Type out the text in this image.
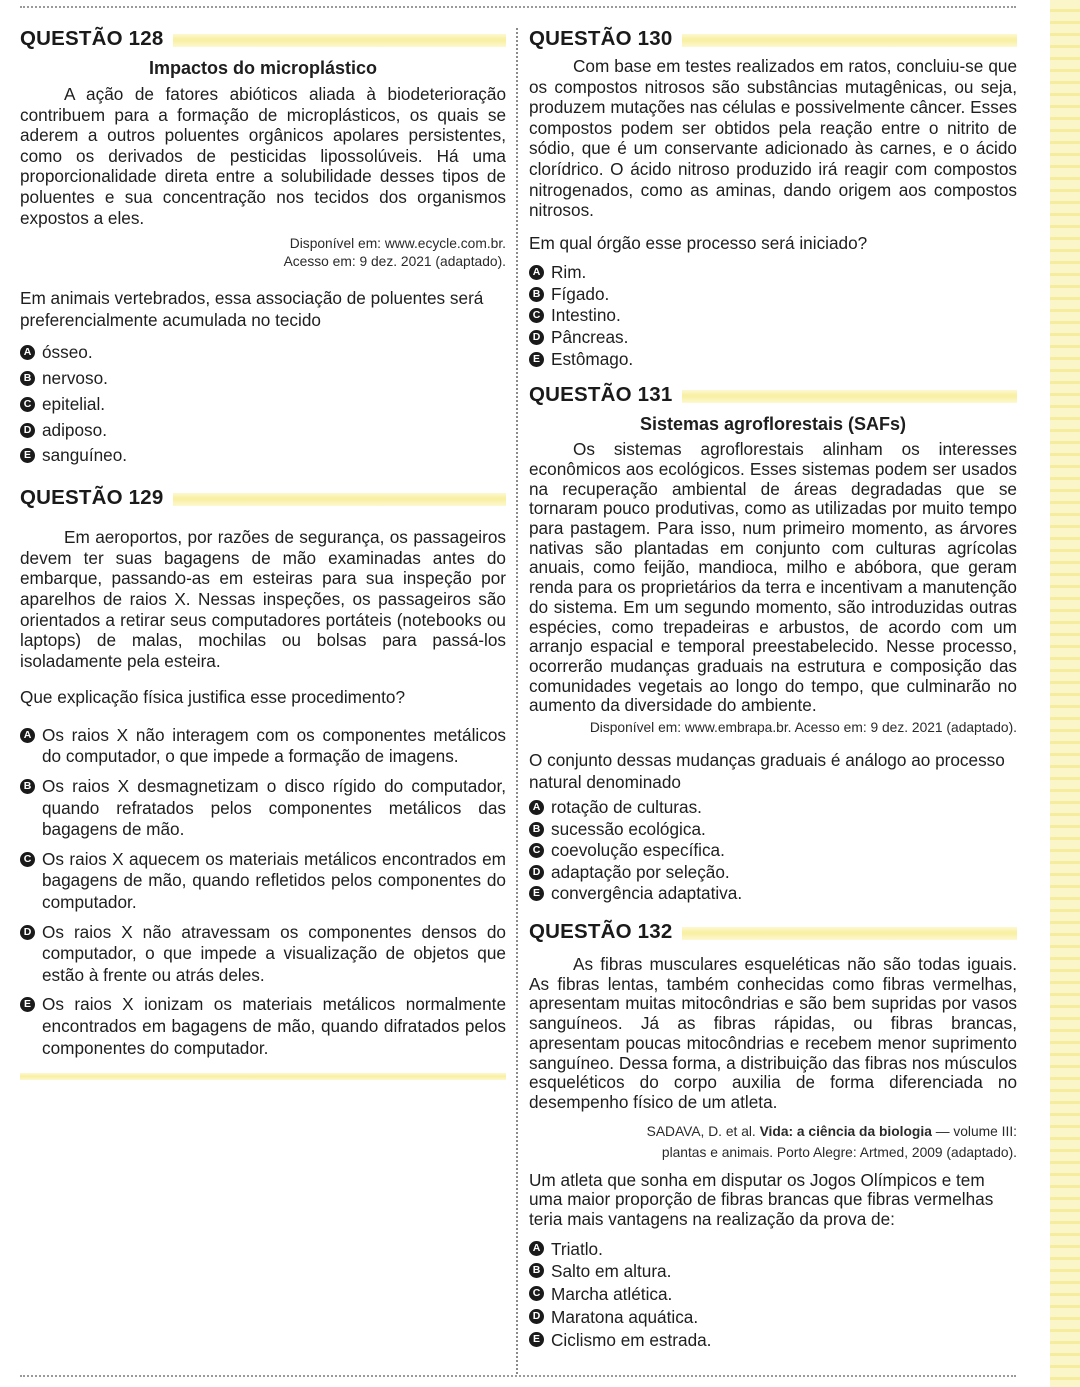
QUESTÃO 128
Impactos do microplástico

A ação de fatores abióticos aliada à biodeterioração contribuem para a formação de microplásticos, os quais se aderem a outros poluentes orgânicos apolares persistentes, como os derivados de pesticidas lipossolúveis. Há uma proporcionalidade direta entre a solubilidade desses tipos de poluentes e sua concentração nos tecidos dos organismos expostos a eles.

Disponível em: www.ecycle.com.br.
Acesso em: 9 dez. 2021 (adaptado).

Em animais vertebrados, essa associação de poluentes será preferencialmente acumulada no tecido

A ósseo.
B nervoso.
C epitelial.
D adiposo.
E sanguíneo.
QUESTÃO 129

Em aeroportos, por razões de segurança, os passageiros devem ter suas bagagens de mão examinadas antes do embarque, passando-as em esteiras para sua inspeção por aparelhos de raios X. Nessas inspeções, os passageiros são orientados a retirar seus computadores portáteis (notebooks ou laptops) de malas, mochilas ou bolsas para passá-los isoladamente pela esteira.

Que explicação física justifica esse procedimento?

A Os raios X não interagem com os componentes metálicos do computador, o que impede a formação de imagens.
B Os raios X desmagnetizam o disco rígido do computador, quando refratados pelos componentes metálicos das bagagens de mão.
C Os raios X aquecem os materiais metálicos encontrados em bagagens de mão, quando refletidos pelos componentes do computador.
D Os raios X não atravessam os componentes densos do computador, o que impede a visualização de objetos que estão à frente ou atrás deles.
E Os raios X ionizam os materiais metálicos normalmente encontrados em bagagens de mão, quando difratados pelos componentes do computador.
QUESTÃO 130

Com base em testes realizados em ratos, concluiu-se que os compostos nitrosos são substâncias mutagênicas, ou seja, produzem mutações nas células e possivelmente câncer. Esses compostos podem ser obtidos pela reação entre o nitrito de sódio, que é um conservante adicionado às carnes, e o ácido clorídrico. O ácido nitroso produzido irá reagir com compostos nitrogenados, como as aminas, dando origem aos compostos nitrosos.

Em qual órgão esse processo será iniciado?

A Rim.
B Fígado.
C Intestino.
D Pâncreas.
E Estômago.
QUESTÃO 131
Sistemas agroflorestais (SAFs)

Os sistemas agroflorestais alinham os interesses econômicos aos ecológicos. Esses sistemas podem ser usados na recuperação ambiental de áreas degradadas que se tornaram pouco produtivas, como as utilizadas por muito tempo para pastagem. Para isso, num primeiro momento, as árvores nativas são plantadas em conjunto com culturas agrícolas anuais, como feijão, mandioca, milho e abóbora, que geram renda para os proprietários da terra e incentivam a manutenção do sistema. Em um segundo momento, são introduzidas outras espécies, como trepadeiras e arbustos, de acordo com um arranjo espacial e temporal preestabelecido. Nesse processo, ocorrerão mudanças graduais na estrutura e composição das comunidades vegetais ao longo do tempo, que culminarão no aumento da diversidade do ambiente.

Disponível em: www.embrapa.br. Acesso em: 9 dez. 2021 (adaptado).

O conjunto dessas mudanças graduais é análogo ao processo natural denominado

A rotação de culturas.
B sucessão ecológica.
C coevolução específica.
D adaptação por seleção.
E convergência adaptativa.
QUESTÃO 132

As fibras musculares esqueléticas não são todas iguais. As fibras lentas, também conhecidas como fibras vermelhas, apresentam muitas mitocôndrias e são bem supridas por vasos sanguíneos. Já as fibras rápidas, ou fibras brancas, apresentam poucas mitocôndrias e recebem menor suprimento sanguíneo. Dessa forma, a distribuição das fibras nos músculos esqueléticos do corpo auxilia de forma diferenciada no desempenho físico de um atleta.

SADAVA, D. et al. Vida: a ciência da biologia — volume III:
plantas e animais. Porto Alegre: Artmed, 2009 (adaptado).

Um atleta que sonha em disputar os Jogos Olímpicos e tem uma maior proporção de fibras brancas que fibras vermelhas teria mais vantagens na realização da prova de:

A Triatlo.
B Salto em altura.
C Marcha atlética.
D Maratona aquática.
E Ciclismo em estrada.
